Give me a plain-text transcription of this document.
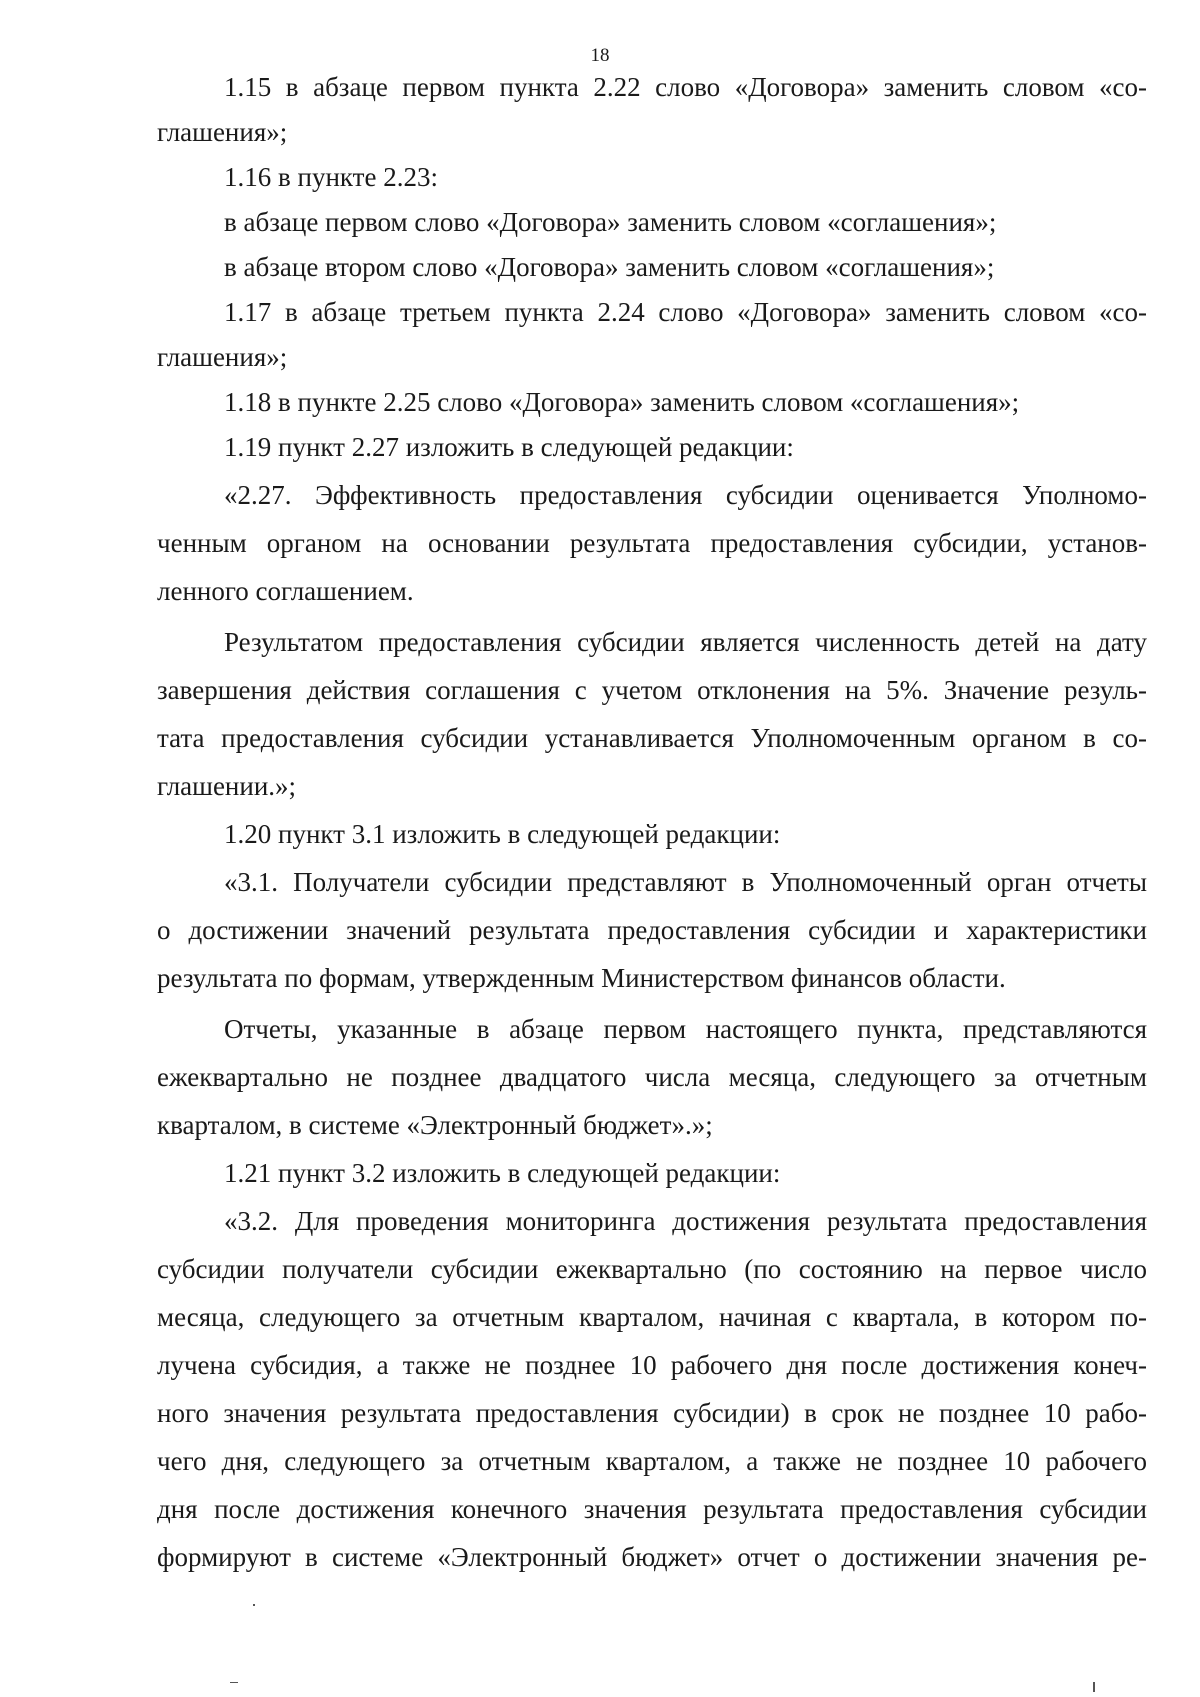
18
1.15 в абзаце первом пункта 2.22 слово «Договора» заменить словом «со-
глашения»;
1.16 в пункте 2.23:
в абзаце первом слово «Договора» заменить словом «соглашения»;
в абзаце втором слово «Договора» заменить словом «соглашения»;
1.17 в абзаце третьем пункта 2.24 слово «Договора» заменить словом «со-
глашения»;
1.18 в пункте 2.25 слово «Договора» заменить словом «соглашения»;
1.19 пункт 2.27 изложить в следующей редакции:
«2.27. Эффективность предоставления субсидии оценивается Уполномо-
ченным органом на основании результата предоставления субсидии, установ-
ленного соглашением.
Результатом предоставления субсидии является численность детей на дату
завершения действия соглашения с учетом отклонения на 5%. Значение резуль-
тата предоставления субсидии устанавливается Уполномоченным органом в со-
глашении.»;
1.20 пункт 3.1 изложить в следующей редакции:
«3.1. Получатели субсидии представляют в Уполномоченный орган отчеты
о достижении значений результата предоставления субсидии и характеристики
результата по формам, утвержденным Министерством финансов области.
Отчеты, указанные в абзаце первом настоящего пункта, представляются
ежеквартально не позднее двадцатого числа месяца, следующего за отчетным
кварталом, в системе «Электронный бюджет».»;
1.21 пункт 3.2 изложить в следующей редакции:
«3.2. Для проведения мониторинга достижения результата предоставления
субсидии получатели субсидии ежеквартально (по состоянию на первое число
месяца, следующего за отчетным кварталом, начиная с квартала, в котором по-
лучена субсидия, а также не позднее 10 рабочего дня после достижения конеч-
ного значения результата предоставления субсидии) в срок не позднее 10 рабо-
чего дня, следующего за отчетным кварталом, а также не позднее 10 рабочего
дня после достижения конечного значения результата предоставления субсидии
формируют в системе «Электронный бюджет» отчет о достижении значения ре-
